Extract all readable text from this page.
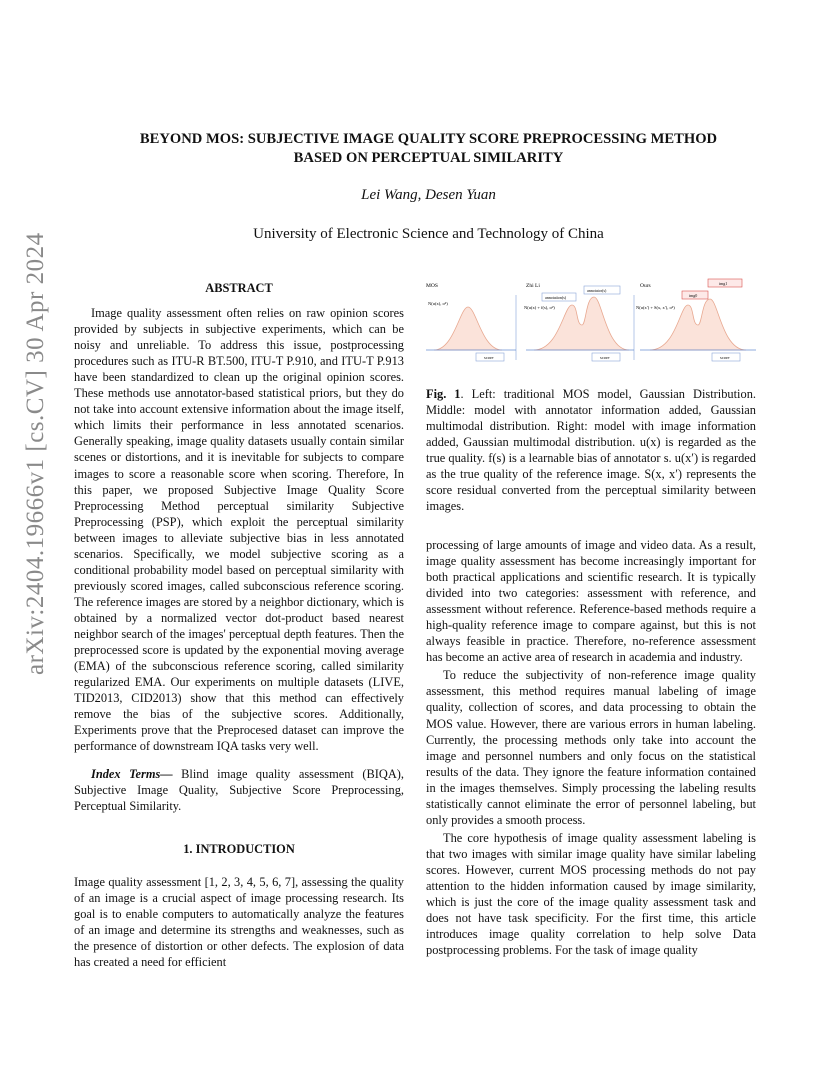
arXiv:2404.19666v1 [cs.CV] 30 Apr 2024
BEYOND MOS: SUBJECTIVE IMAGE QUALITY SCORE PREPROCESSING METHOD
BASED ON PERCEPTUAL SIMILARITY
Lei Wang, Desen Yuan
University of Electronic Science and Technology of China

ABSTRACT

Image quality assessment often relies on raw opinion scores provided by subjects in subjective experiments, which can be noisy and unreliable. To address this issue, postprocessing procedures such as ITU-R BT.500, ITU-T P.910, and ITU-T P.913 have been standardized to clean up the original opinion scores. These methods use annotator-based statistical priors, but they do not take into account extensive information about the image itself, which limits their performance in less annotated scenarios. Generally speaking, image quality datasets usually contain similar scenes or distortions, and it is inevitable for subjects to compare images to score a reasonable score when scoring. Therefore, In this paper, we proposed Subjective Image Quality Score Preprocessing Method perceptual similarity Subjective Preprocessing (PSP), which exploit the perceptual similarity between images to alleviate subjective bias in less annotated scenarios. Specifically, we model subjective scoring as a conditional probability model based on perceptual similarity with previously scored images, called subconscious reference scoring. The reference images are stored by a neighbor dictionary, which is obtained by a normalized vector dot-product based nearest neighbor search of the images' perceptual depth features. Then the preprocessed score is updated by the exponential moving average (EMA) of the subconscious reference scoring, called similarity regularized EMA. Our experiments on multiple datasets (LIVE, TID2013, CID2013) show that this method can effectively remove the bias of the subjective scores. Additionally, Experiments prove that the Preprocesed dataset can improve the performance of downstream IQA tasks very well.

Index Terms— Blind image quality assessment (BIQA), Subjective Image Quality, Subjective Score Preprocessing, Perceptual Similarity.

1. INTRODUCTION

Image quality assessment [1, 2, 3, 4, 5, 6, 7], assessing the quality of an image is a crucial aspect of image processing research. Its goal is to enable computers to automatically analyze the features of an image and determine its strengths and weaknesses, such as the presence of distortion or other defects. The explosion of data has created a need for efficient

MOS
N(u(x), σ²)
score
Zhi Li
annotator(s)
annotation(s)
N(u(x) + f(s), σ²)
score
Ours	img1
img0
N(u(x′) + S(x, x′), σ²)
score

Fig. 1. Left: traditional MOS model, Gaussian Distribution. Middle: model with annotator information added, Gaussian multimodal distribution. Right: model with image information added, Gaussian multimodal distribution. u(x) is regarded as the true quality. f(s) is a learnable bias of annotator s. u(x′) is regarded as the true quality of the reference image. S(x, x′) represents the score residual converted from the perceptual similarity between images.

processing of large amounts of image and video data. As a result, image quality assessment has become increasingly important for both practical applications and scientific research. It is typically divided into two categories: assessment with reference, and assessment without reference. Reference-based methods require a high-quality reference image to compare against, but this is not always feasible in practice. Therefore, no-reference assessment has become an active area of research in academia and industry.

To reduce the subjectivity of non-reference image quality assessment, this method requires manual labeling of image quality, collection of scores, and data processing to obtain the MOS value. However, there are various errors in human labeling. Currently, the processing methods only take into account the image and personnel numbers and only focus on the statistical results of the data. They ignore the feature information contained in the images themselves. Simply processing the labeling results statistically cannot eliminate the error of personnel labeling, but only provides a smooth process.

The core hypothesis of image quality assessment labeling is that two images with similar image quality have similar labeling scores. However, current MOS processing methods do not pay attention to the hidden information caused by image similarity, which is just the core of the image quality assessment task and does not have task specificity. For the first time, this article introduces image quality correlation to help solve Data postprocessing problems. For the task of image quality
